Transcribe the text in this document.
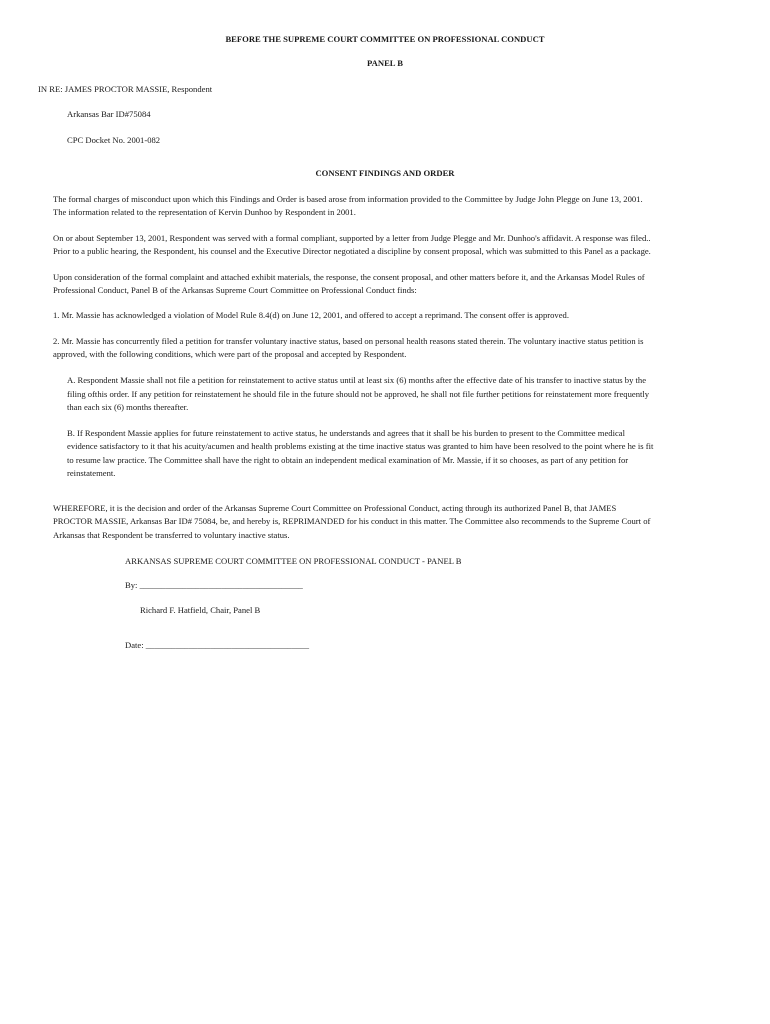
BEFORE THE SUPREME COURT COMMITTEE ON PROFESSIONAL CONDUCT
PANEL B
IN RE: JAMES PROCTOR MASSIE, Respondent
Arkansas Bar ID#75084
CPC Docket No. 2001-082
CONSENT FINDINGS AND ORDER
The formal charges of misconduct upon which this Findings and Order is based arose from information provided to the Committee by Judge John Plegge on June 13, 2001.
The information related to the representation of Kervin Dunhoo by Respondent in 2001.
On or about September 13, 2001, Respondent was served with a formal compliant, supported by a letter from Judge Plegge and Mr. Dunhoo's affidavit. A response was filed..
Prior to a public hearing, the Respondent, his counsel and the Executive Director negotiated a discipline by consent proposal, which was submitted to this Panel as a package.
Upon consideration of the formal complaint and attached exhibit materials, the response, the consent proposal, and other matters before it, and the Arkansas Model Rules of
Professional Conduct, Panel B of the Arkansas Supreme Court Committee on Professional Conduct finds:
1. Mr. Massie has acknowledged a violation of Model Rule 8.4(d) on June 12, 2001, and offered to accept a reprimand. The consent offer is approved.
2. Mr. Massie has concurrently filed a petition for transfer voluntary inactive status, based on personal health reasons stated therein. The voluntary inactive status petition is
approved, with the following conditions, which were part of the proposal and accepted by Respondent.
A. Respondent Massie shall not file a petition for reinstatement to active status until at least six (6) months after the effective date of his transfer to inactive status by the
filing ofthis order. If any petition for reinstatement he should file in the future should not be approved, he shall not file further petitions for reinstatement more frequently
than each six (6) months thereafter.
B. If Respondent Massie applies for future reinstatement to active status, he understands and agrees that it shall be his burden to present to the Committee medical
evidence satisfactory to it that his acuity/acumen and health problems existing at the time inactive status was granted to him have been resolved to the point where he is fit
to resume law practice. The Committee shall have the right to obtain an independent medical examination of Mr. Massie, if it so chooses, as part of any petition for
reinstatement.
WHEREFORE, it is the decision and order of the Arkansas Supreme Court Committee on Professional Conduct, acting through its authorized Panel B, that JAMES
PROCTOR MASSIE, Arkansas Bar ID# 75084, be, and hereby is, REPRIMANDED for his conduct in this matter. The Committee also recommends to the Supreme Court of
Arkansas that Respondent be transferred to voluntary inactive status.
ARKANSAS SUPREME COURT COMMITTEE ON PROFESSIONAL CONDUCT - PANEL B
By: ______________________________________
Richard F. Hatfield, Chair, Panel B
Date: ______________________________________
